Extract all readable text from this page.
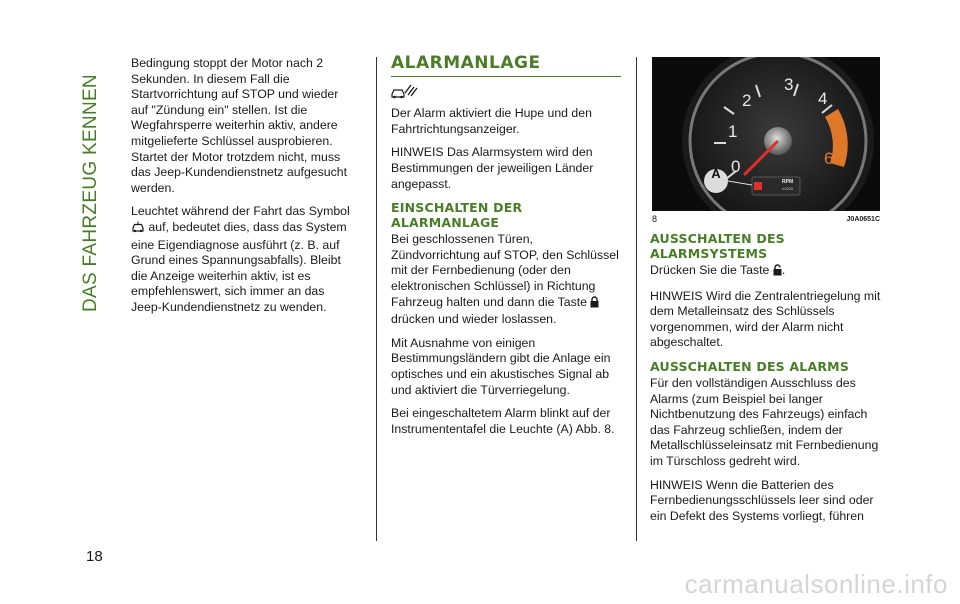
DAS FAHRZEUG KENNEN
18

Bedingung stoppt der Motor nach 2 Sekunden. In diesem Fall die Startvorrichtung auf STOP und wieder auf "Zündung ein" stellen. Ist die Wegfahrsperre weiterhin aktiv, andere mitgelieferte Schlüssel ausprobieren. Startet der Motor trotzdem nicht, muss das Jeep-Kundendienstnetz aufgesucht werden.

Leuchtet während der Fahrt das Symbol  auf, bedeutet dies, dass das System eine Eigendiagnose ausführt (z. B. auf Grund eines Spannungsabfalls). Bleibt die Anzeige weiterhin aktiv, ist es empfehlenswert, sich immer an das Jeep-Kundendienstnetz zu wenden.

ALARMANLAGE

Der Alarm aktiviert die Hupe und den Fahrtrichtungsanzeiger.

HINWEIS Das Alarmsystem wird den Bestimmungen der jeweiligen Länder angepasst.

EINSCHALTEN DER ALARMANLAGE

Bei geschlossenen Türen, Zündvorrichtung auf STOP, den Schlüssel mit der Fernbedienung (oder den elektronischen Schlüssel) in Richtung Fahrzeug halten und dann die Taste  drücken und wieder loslassen.

Mit Ausnahme von einigen Bestimmungsländern gibt die Anlage ein optisches und ein akustisches Signal ab und aktiviert die Türverriegelung.

Bei eingeschaltetem Alarm blinkt auf der Instrumententafel die Leuchte (A) Abb. 8.

A
RPM
x1000
0
1
2
3
4
5
6
8	J0A0651C
AUSSCHALTEN DES ALARMSYSTEMS

Drücken Sie die Taste .

HINWEIS Wird die Zentralentriegelung mit dem Metalleinsatz des Schlüssels vorgenommen, wird der Alarm nicht abgeschaltet.

AUSSCHALTEN DES ALARMS

Für den vollständigen Ausschluss des Alarms (zum Beispiel bei langer Nichtbenutzung des Fahrzeugs) einfach das Fahrzeug schließen, indem der Metallschlüsseleinsatz mit Fernbedienung im Türschloss gedreht wird.

HINWEIS Wenn die Batterien des Fernbedienungsschlüssels leer sind oder ein Defekt des Systems vorliegt, führen

carmanualsonline.info
